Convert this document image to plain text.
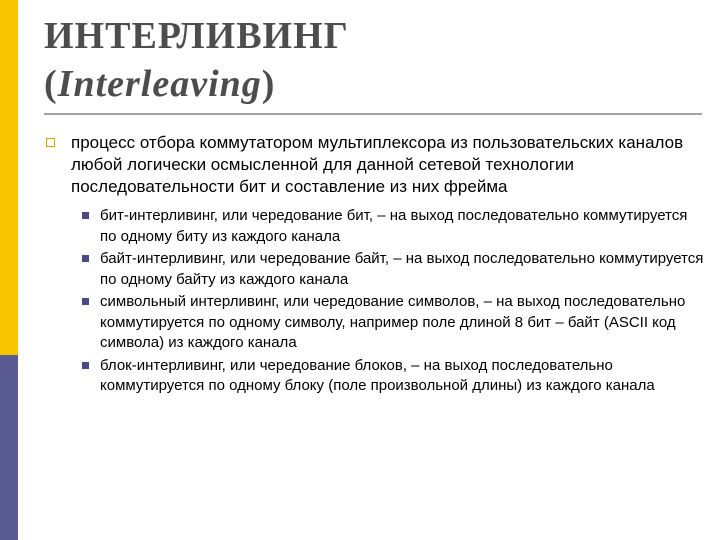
ИНТЕРЛИВИНГ
(Interleaving)
процесс отбора коммутатором мультиплексора из пользовательских каналов любой логически осмысленной для данной сетевой технологии последовательности бит и составление из них фрейма
бит-интерливинг, или чередование бит, – на выход последовательно коммутируется по одному биту из каждого канала
байт-интерливинг, или чередование байт, – на выход последовательно коммутируется по одному байту из каждого канала
символьный интерливинг, или чередование символов, – на выход последовательно коммутируется по одному символу, например поле длиной 8 бит – байт (ASCII код символа) из каждого канала
блок-интерливинг, или чередование блоков, – на выход последовательно коммутируется по одному блоку (поле произвольной длины) из каждого канала
